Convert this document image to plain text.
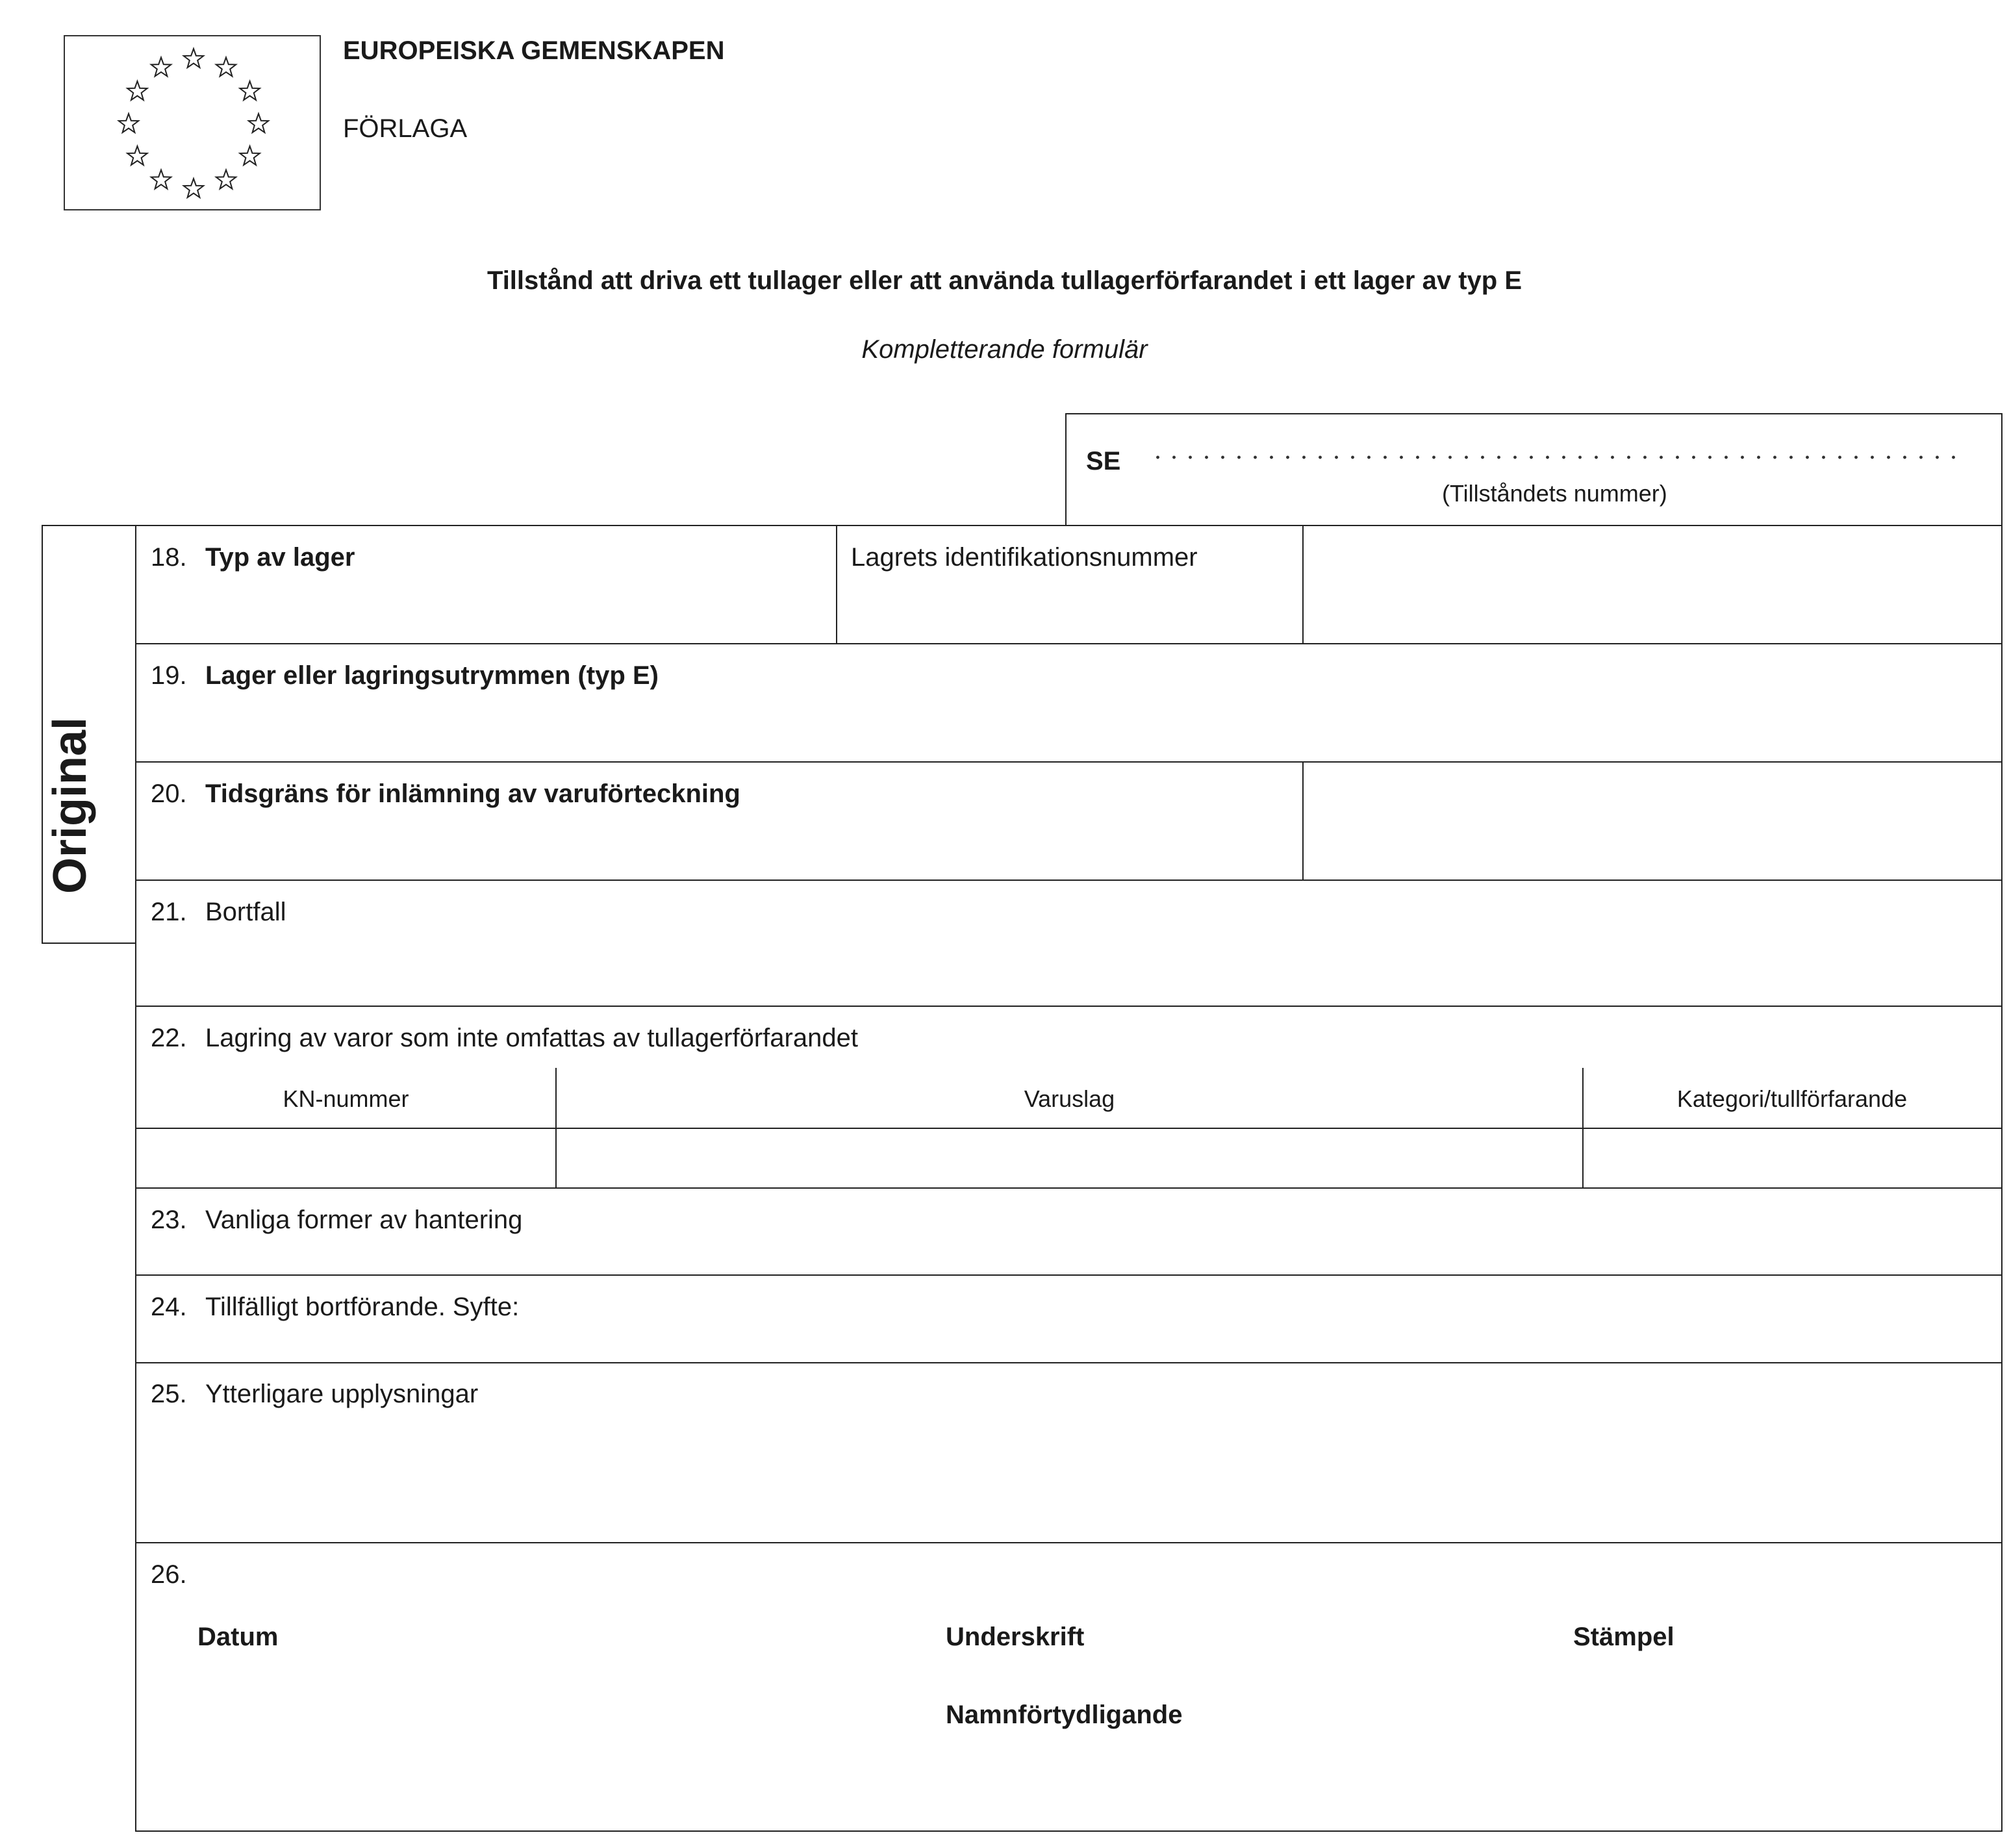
EUROPEISKA GEMENSKAPEN
FÖRLAGA
Tillstånd att driva ett tullager eller att använda tullagerförfarandet i ett lager av typ E
Kompletterande formulär
SE
(Tillståndets nummer)
Original
18. Typ av lager	Lagrets identifikationsnummer
19. Lager eller lagringsutrymmen (typ E)
20. Tidsgräns för inlämning av varuförteckning
21. Bortfall
22. Lagring av varor som inte omfattas av tullagerförfarandet
KN-nummer	Varuslag	Kategori/tullförfarande
23. Vanliga former av hantering
24. Tillfälligt bortförande. Syfte:
25. Ytterligare upplysningar
26.
Datum	Underskrift	Stämpel
Namnförtydligande
